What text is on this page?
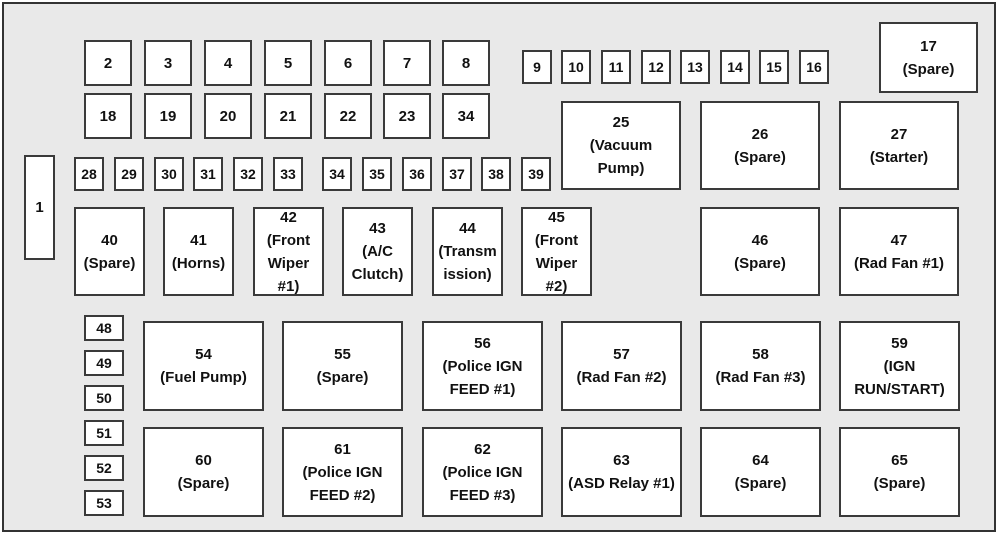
2	3	4	5	6	7	8	9	10	11	12	13	14	15	16
17
(Spare)
18	19	20	21	22	23	34	25
(Vacuum
Pump)
26
(Spare)
27
(Starter)
1
28	29	30	31	32	33	34	35	36	37	38	39
40
(Spare)
41
(Horns)
42
(Front
Wiper
#1)
43
(A/C
Clutch)
44
(Transm
ission)
45
(Front
Wiper
#2)
46
(Spare)
47
(Rad Fan #1)
48
49
50
51
52
53
54
(Fuel Pump)
55
(Spare)
56
(Police IGN
FEED #1)
57
(Rad Fan #2)
58
(Rad Fan #3)
59
(IGN
RUN/START)
60
(Spare)
61
(Police IGN
FEED #2)
62
(Police IGN
FEED #3)
63
(ASD Relay #1)
64
(Spare)
65
(Spare)
